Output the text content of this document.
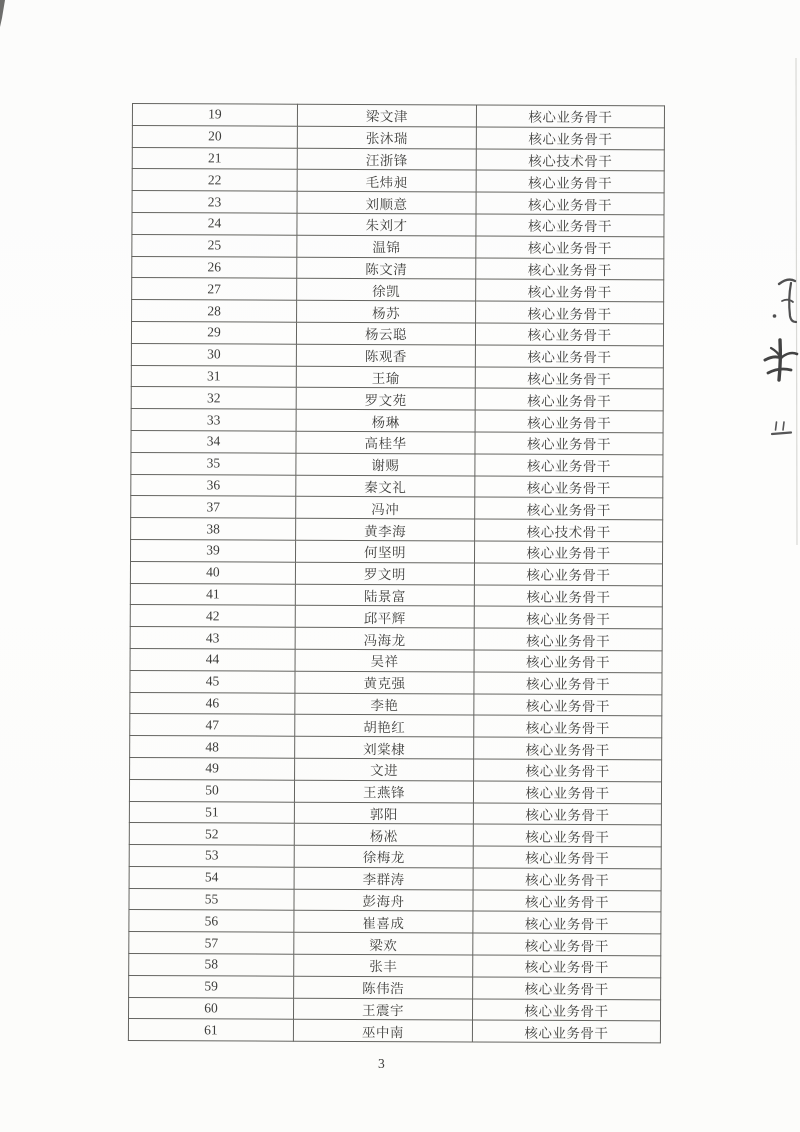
19	梁文津	核心业务骨干
20	张沐瑞	核心业务骨干
21	汪浙锋	核心技术骨干
22	毛炜昶	核心业务骨干
23	刘顺意	核心业务骨干
24	朱刘才	核心业务骨干
25	温锦	核心业务骨干
26	陈文清	核心业务骨干
27	徐凯	核心业务骨干
28	杨苏	核心业务骨干
29	杨云聪	核心业务骨干
30	陈观香	核心业务骨干
31	王瑜	核心业务骨干
32	罗文苑	核心业务骨干
33	杨琳	核心业务骨干
34	高桂华	核心业务骨干
35	谢赐	核心业务骨干
36	秦文礼	核心业务骨干
37	冯冲	核心业务骨干
38	黄李海	核心技术骨干
39	何坚明	核心业务骨干
40	罗文明	核心业务骨干
41	陆景富	核心业务骨干
42	邱平辉	核心业务骨干
43	冯海龙	核心业务骨干
44	吴祥	核心业务骨干
45	黄克强	核心业务骨干
46	李艳	核心业务骨干
47	胡艳红	核心业务骨干
48	刘棠棣	核心业务骨干
49	文进	核心业务骨干
50	王燕锋	核心业务骨干
51	郭阳	核心业务骨干
52	杨凇	核心业务骨干
53	徐梅龙	核心业务骨干
54	李群涛	核心业务骨干
55	彭海舟	核心业务骨干
56	崔喜成	核心业务骨干
57	梁欢	核心业务骨干
58	张丰	核心业务骨干
59	陈伟浩	核心业务骨干
60	王震宇	核心业务骨干
61	巫中南	核心业务骨干
3
